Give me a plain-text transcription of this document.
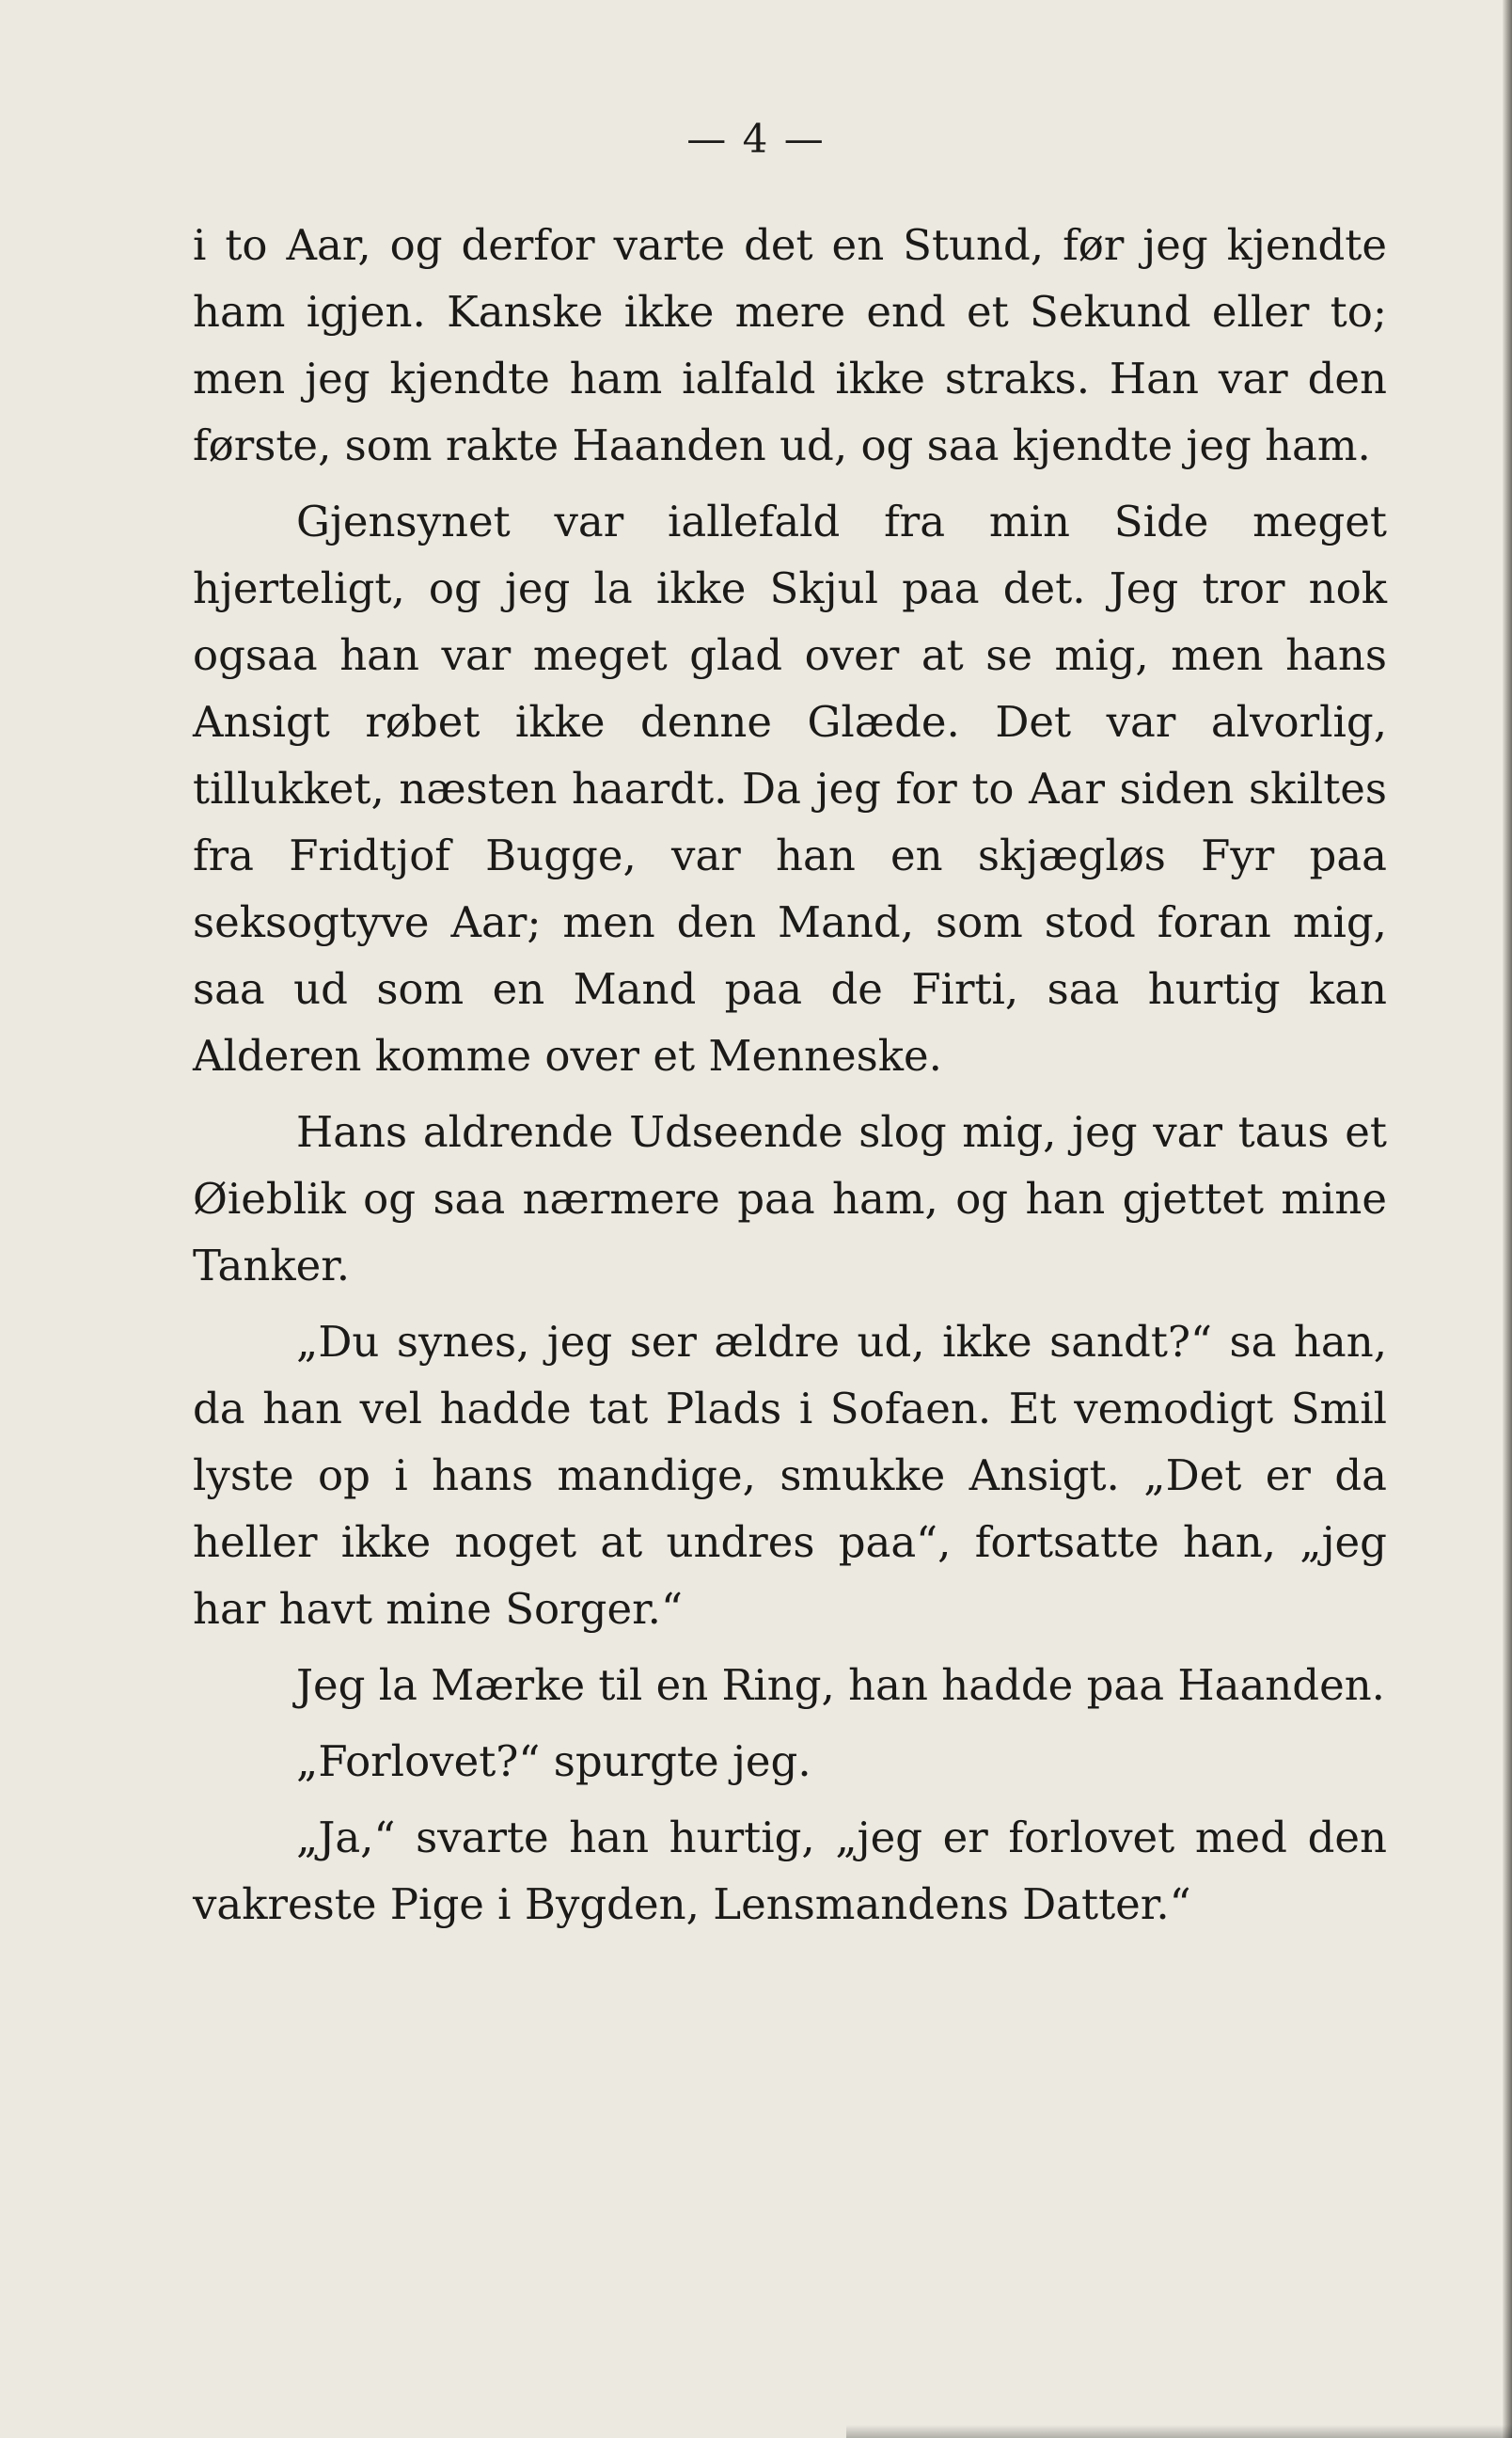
— 4 —

i to Aar, og derfor varte det en Stund, før jeg kjendte ham igjen. Kanske ikke mere end et Sekund eller to; men jeg kjendte ham ialfald ikke straks. Han var den første, som rakte Haanden ud, og saa kjendte jeg ham.

Gjensynet var iallefald fra min Side meget hjerteligt, og jeg la ikke Skjul paa det. Jeg tror nok ogsaa han var meget glad over at se mig, men hans Ansigt røbet ikke denne Glæde. Det var alvorlig, tillukket, næsten haardt. Da jeg for to Aar siden skiltes fra Fridtjof Bugge, var han en skjægløs Fyr paa seksogtyve Aar; men den Mand, som stod foran mig, saa ud som en Mand paa de Firti, saa hurtig kan Alderen komme over et Menneske.

Hans aldrende Udseende slog mig, jeg var taus et Øieblik og saa nærmere paa ham, og han gjettet mine Tanker.

„Du synes, jeg ser ældre ud, ikke sandt?“ sa han, da han vel hadde tat Plads i Sofaen. Et vemodigt Smil lyste op i hans mandige, smukke Ansigt. „Det er da heller ikke noget at undres paa“, fortsatte han, „jeg har havt mine Sorger.“

Jeg la Mærke til en Ring, han hadde paa Haanden.

„Forlovet?“ spurgte jeg.

„Ja,“ svarte han hurtig, „jeg er forlovet med den vakreste Pige i Bygden, Lensmandens Datter.“
